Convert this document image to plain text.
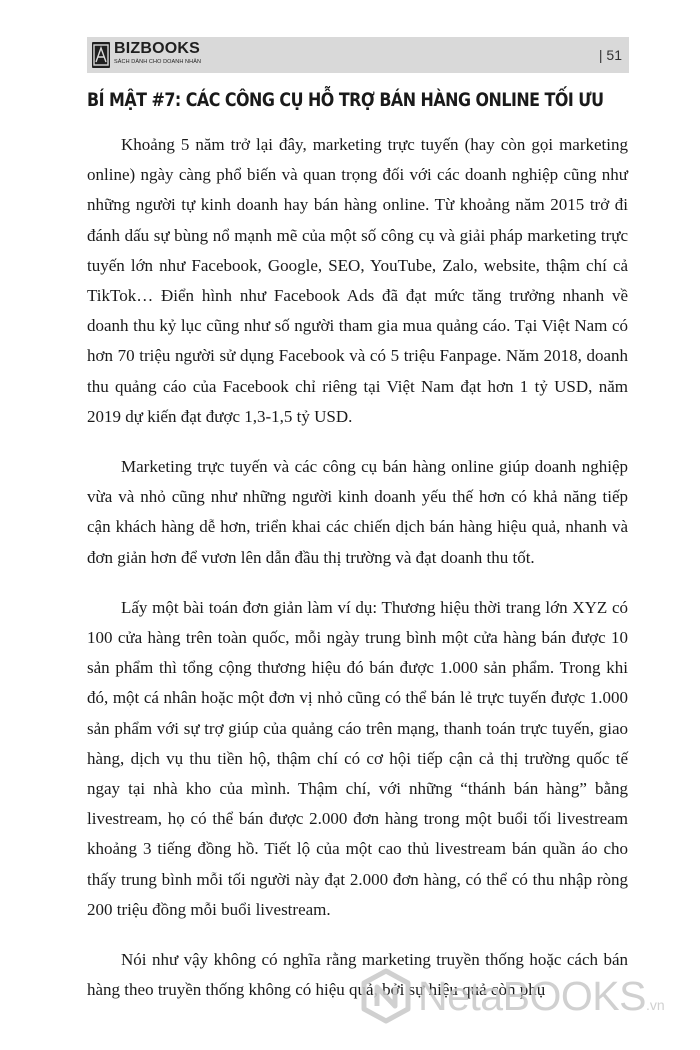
BIZBOOKS
SÁCH DÀNH CHO DOANH NHÂN	| 51
BÍ MẬT #7: CÁC CÔNG CỤ HỖ TRỢ BÁN HÀNG ONLINE TỐI ƯU

Khoảng 5 năm trở lại đây, marketing trực tuyến (hay còn gọi marketing online) ngày càng phổ biến và quan trọng đối với các doanh nghiệp cũng như những người tự kinh doanh hay bán hàng online. Từ khoảng năm 2015 trở đi đánh dấu sự bùng nổ mạnh mẽ của một số công cụ và giải pháp marketing trực tuyến lớn như Facebook, Google, SEO, YouTube, Zalo, website, thậm chí cả TikTok… Điển hình như Facebook Ads đã đạt mức tăng trưởng nhanh về doanh thu kỷ lục cũng như số người tham gia mua quảng cáo. Tại Việt Nam có hơn 70 triệu người sử dụng Facebook và có 5 triệu Fanpage. Năm 2018, doanh thu quảng cáo của Facebook chỉ riêng tại Việt Nam đạt hơn 1 tỷ USD, năm 2019 dự kiến đạt được 1,3-1,5 tỷ USD.

Marketing trực tuyến và các công cụ bán hàng online giúp doanh nghiệp vừa và nhỏ cũng như những người kinh doanh yếu thế hơn có khả năng tiếp cận khách hàng dễ hơn, triển khai các chiến dịch bán hàng hiệu quả, nhanh và đơn giản hơn để vươn lên dẫn đầu thị trường và đạt doanh thu tốt.

Lấy một bài toán đơn giản làm ví dụ: Thương hiệu thời trang lớn XYZ có 100 cửa hàng trên toàn quốc, mỗi ngày trung bình một cửa hàng bán được 10 sản phẩm thì tổng cộng thương hiệu đó bán được 1.000 sản phẩm. Trong khi đó, một cá nhân hoặc một đơn vị nhỏ cũng có thể bán lẻ trực tuyến được 1.000 sản phẩm với sự trợ giúp của quảng cáo trên mạng, thanh toán trực tuyến, giao hàng, dịch vụ thu tiền hộ, thậm chí có cơ hội tiếp cận cả thị trường quốc tế ngay tại nhà kho của mình. Thậm chí, với những “thánh bán hàng” bằng livestream, họ có thể bán được 2.000 đơn hàng trong một buổi tối livestream khoảng 3 tiếng đồng hồ. Tiết lộ của một cao thủ livestream bán quần áo cho thấy trung bình mỗi tối người này đạt 2.000 đơn hàng, có thể có thu nhập ròng 200 triệu đồng mỗi buổi livestream.

Nói như vậy không có nghĩa rằng marketing truyền thống hoặc cách bán hàng theo truyền thống không có hiệu quả, bởi sự hiệu quả còn phụ

NetaBOOKS.vn
